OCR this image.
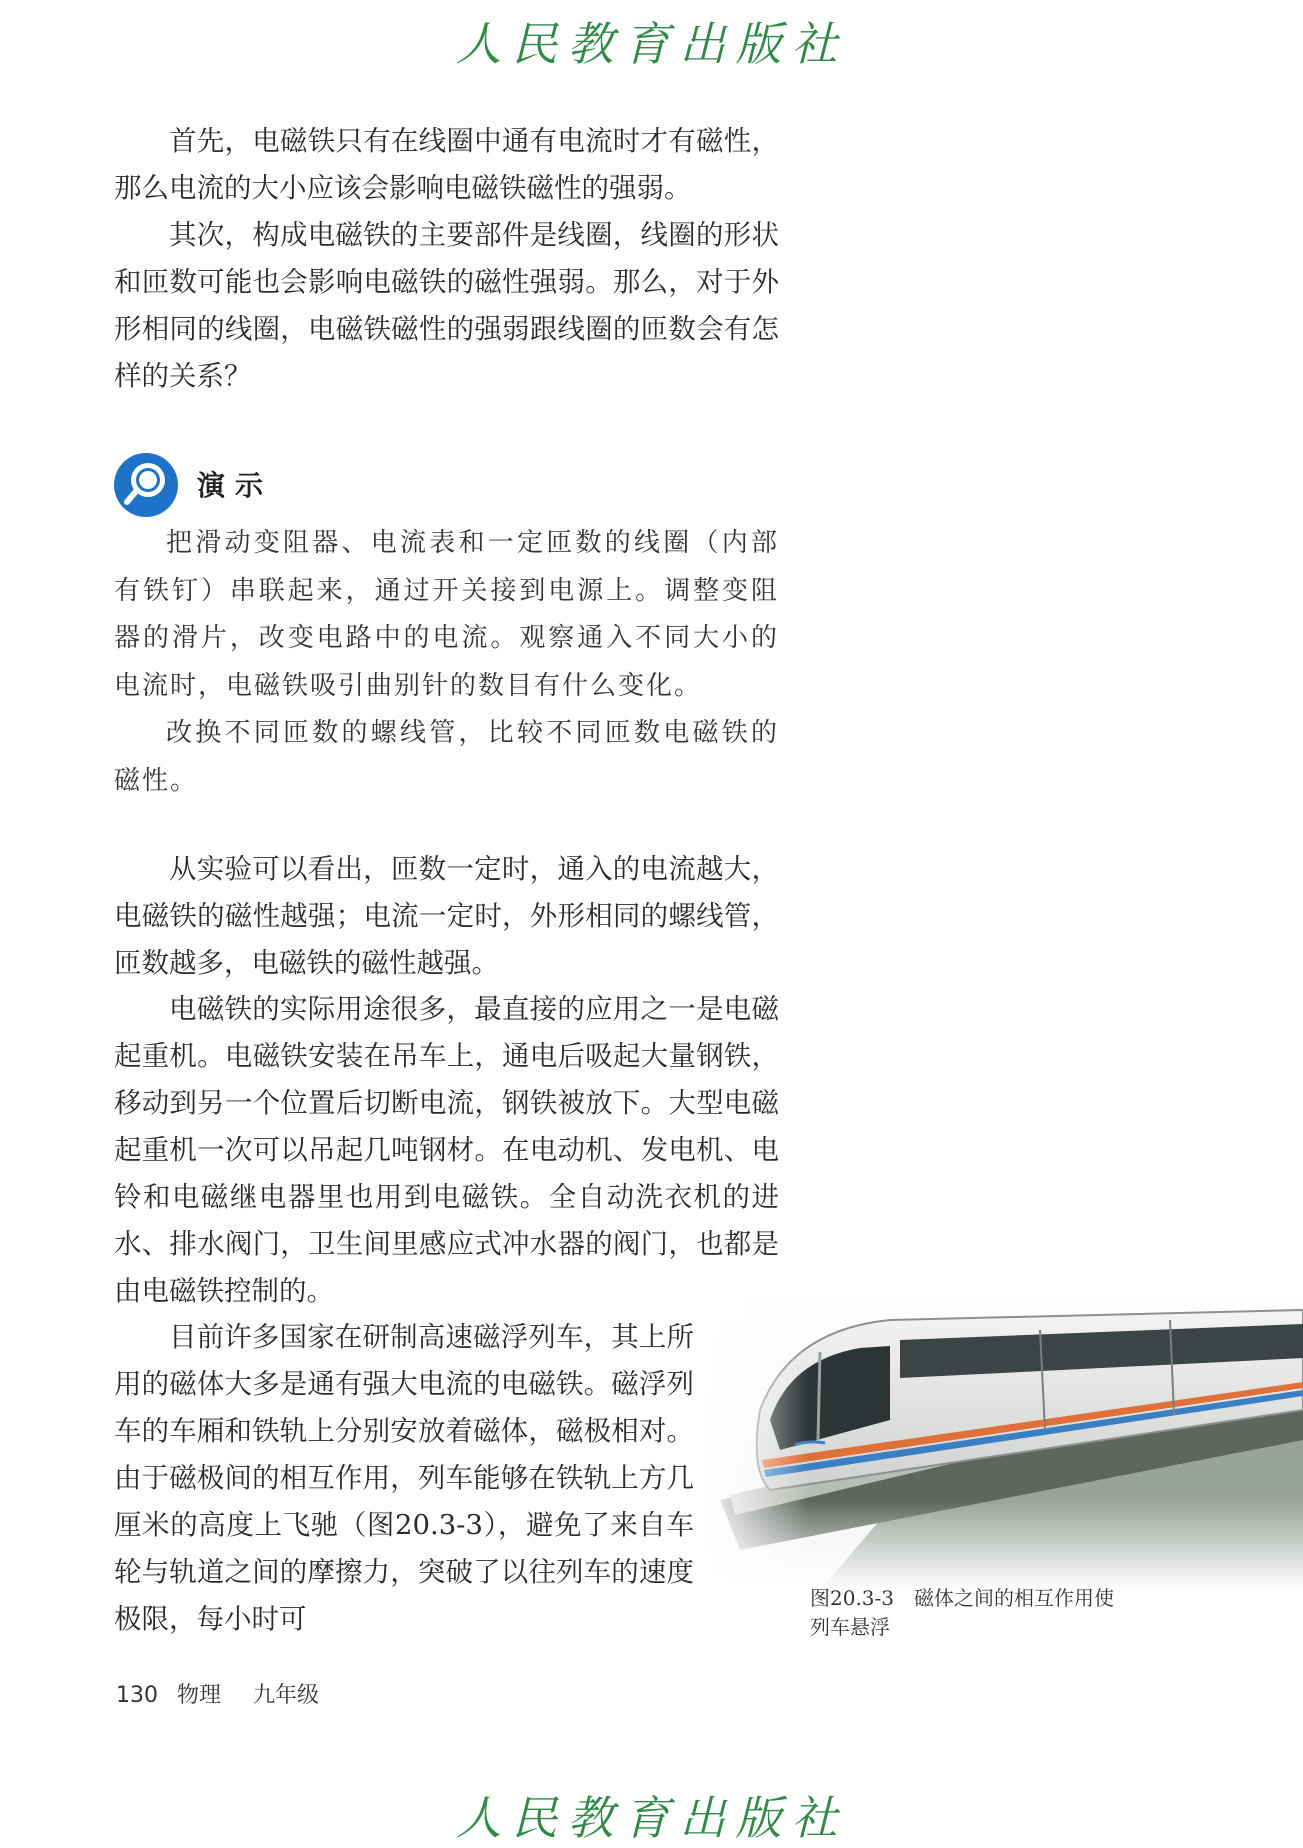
人民教育出版社

首先，电磁铁只有在线圈中通有电流时才有磁性，那么电流的大小应该会影响电磁铁磁性的强弱。

其次，构成电磁铁的主要部件是线圈，线圈的形状和匝数可能也会影响电磁铁的磁性强弱。那么，对于外形相同的线圈，电磁铁磁性的强弱跟线圈的匝数会有怎样的关系？

演示

把滑动变阻器、电流表和一定匝数的线圈（内部有铁钉）串联起来，通过开关接到电源上。调整变阻器的滑片，改变电路中的电流。观察通入不同大小的电流时，电磁铁吸引曲别针的数目有什么变化。

改换不同匝数的螺线管，比较不同匝数电磁铁的磁性。

从实验可以看出，匝数一定时，通入的电流越大，电磁铁的磁性越强；电流一定时，外形相同的螺线管，匝数越多，电磁铁的磁性越强。

电磁铁的实际用途很多，最直接的应用之一是电磁起重机。电磁铁安装在吊车上，通电后吸起大量钢铁，移动到另一个位置后切断电流，钢铁被放下。大型电磁起重机一次可以吊起几吨钢材。在电动机、发电机、电铃和电磁继电器里也用到电磁铁。全自动洗衣机的进水、排水阀门，卫生间里感应式冲水器的阀门，也都是由电磁铁控制的。

目前许多国家在研制高速磁浮列车，其上所用的磁体大多是通有强大电流的电磁铁。磁浮列车的车厢和铁轨上分别安放着磁体，磁极相对。由于磁极间的相互作用，列车能够在铁轨上方几厘米的高度上飞驰（图20.3-3），避免了来自车轮与轨道之间的摩擦力，突破了以往列车的速度极限，每小时可

图20.3-3　磁体之间的相互作用使列车悬浮
130 物理 九年级
人民教育出版社
